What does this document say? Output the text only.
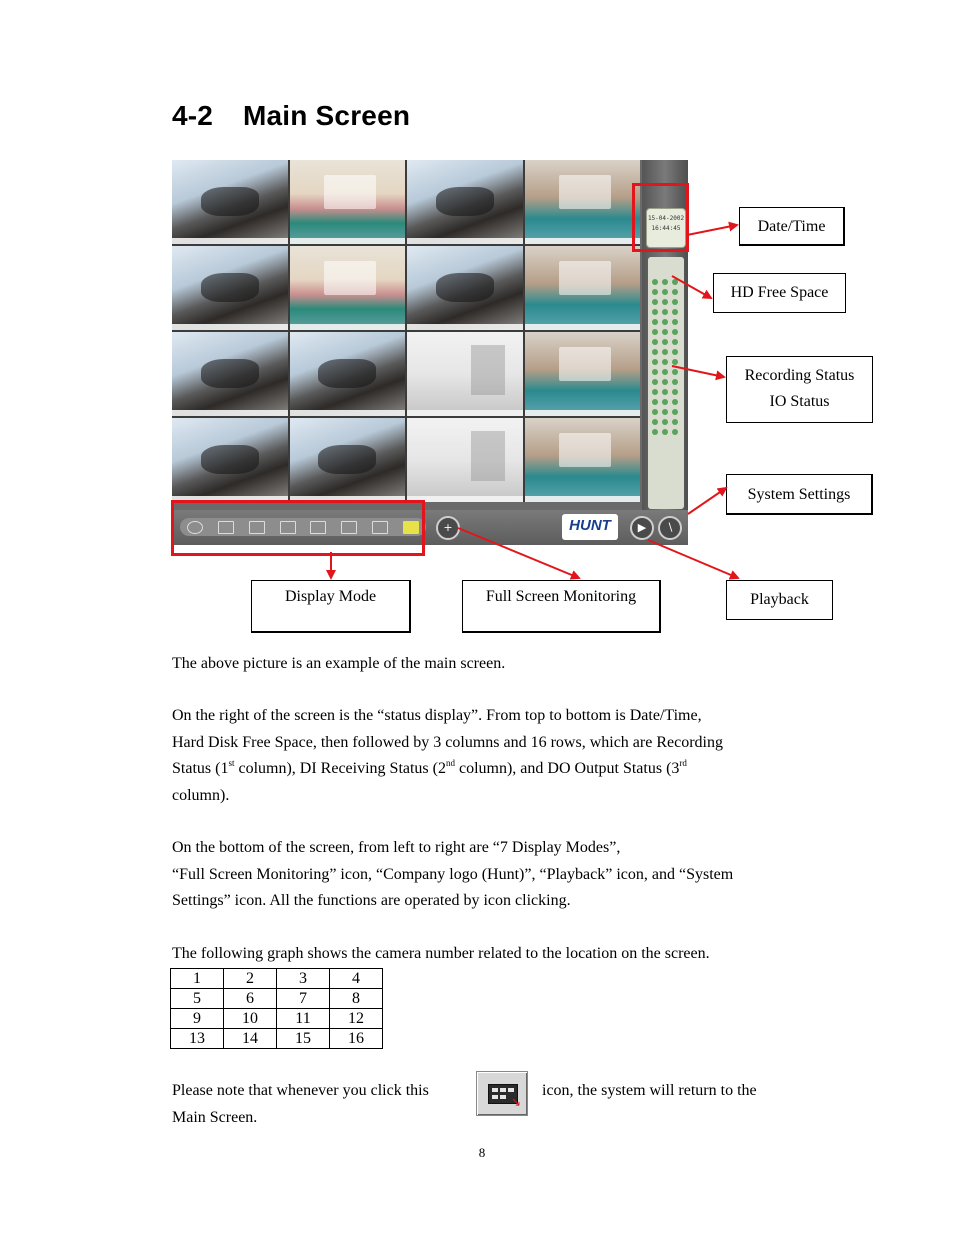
4-2 Main Screen
15-04-2002
16:44:45
+	HUNT	▶	∖
Date/Time
HD Free Space
Recording Status
IO Status
System Settings
Display Mode	Full Screen Monitoring	Playback

The above picture is an example of the main screen.

On the right of the screen is the “status display”. From top to bottom is Date/Time,
Hard Disk Free Space, then followed by 3 columns and 16 rows, which are Recording
Status (1st column), DI Receiving Status (2nd column), and DO Output Status (3rd
column).

On the bottom of the screen, from left to right are “7 Display Modes”,
“Full Screen Monitoring” icon, “Company logo (Hunt)”, “Playback” icon, and “System
Settings” icon. All the functions are operated by icon clicking.

The following graph shows the camera number related to the location on the screen.

1	2	3	4
5	6	7	8
9	10	11	12
13	14	15	16

Please note that whenever you click this

↘

icon, the system will return to the

Main Screen.

8
